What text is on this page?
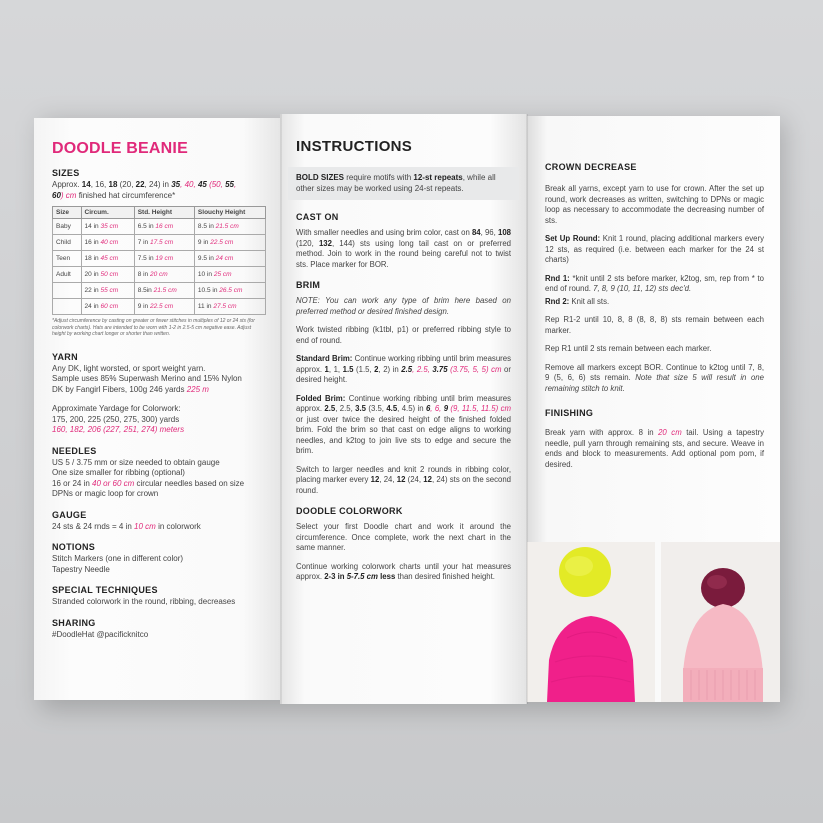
DOODLE BEANIE
SIZES

Approx. 14, 16, 18 (20, 22, 24) in 35, 40, 45 (50, 55,
60) cm finished hat circumference*

Size	Circum.	Std. Height	Slouchy Height
Baby	14 in 35 cm	6.5 in 16 cm	8.5 in 21.5 cm
Child	16 in 40 cm	7 in 17.5 cm	9 in 22.5 cm
Teen	18 in 45 cm	7.5 in 19 cm	9.5 in 24 cm
Adult	20 in 50 cm	8 in 20 cm	10 in 25 cm
	22 in 55 cm	8.5in 21.5 cm	10.5 in 26.5 cm
	24 in 60 cm	9 in 22.5 cm	11 in 27.5 cm

*Adjust circumference by casting on greater or fewer stitches in multiples of 12 or 24 sts (for colorwork charts). Hats are intended to be worn with 1-2 in 2.5-5 cm negative ease. Adjust height by working chart longer or shorter than written.

YARN

Any DK, light worsted, or sport weight yarn.
Sample uses 85% Superwash Merino and 15% Nylon
DK by Fangirl Fibers, 100g 246 yards 225 m

Approximate Yardage for Colorwork:
175, 200, 225 (250, 275, 300) yards
160, 182, 206 (227, 251, 274) meters

NEEDLES

US 5 / 3.75 mm or size needed to obtain gauge
One size smaller for ribbing (optional)
16 or 24 in 40 or 60 cm circular needles based on size
DPNs or magic loop for crown

GAUGE

24 sts & 24 rnds = 4 in 10 cm in colorwork

NOTIONS

Stitch Markers (one in different color)
Tapestry Needle

SPECIAL TECHNIQUES

Stranded colorwork in the round, ribbing, decreases

SHARING

#DoodleHat @pacificknitco

INSTRUCTIONS
BOLD SIZES require motifs with 12-st repeats, while all other sizes may be worked using 24-st repeats.
CAST ON

With smaller needles and using brim color, cast on 84, 96, 108 (120, 132, 144) sts using long tail cast on or preferred method. Join to work in the round being careful not to twist sts. Place marker for BOR.

BRIM

NOTE: You can work any type of brim here based on preferred method or desired finished design.

Work twisted ribbing (k1tbl, p1) or preferred ribbing style to end of round.

Standard Brim: Continue working ribbing until brim measures approx. 1, 1, 1.5 (1.5, 2, 2) in 2.5, 2.5, 3.75 (3.75, 5, 5) cm or desired height.

Folded Brim: Continue working ribbing until brim measures approx. 2.5, 2.5, 3.5 (3.5, 4.5, 4.5) in 6, 6, 9 (9, 11.5, 11.5) cm or just over twice the desired height of the finished folded brim. Fold the brim so that cast on edge aligns to working needles, and k2tog to join live sts to edge and secure the brim.

Switch to larger needles and knit 2 rounds in ribbing color, placing marker every 12, 24, 12 (24, 12, 24) sts on the second round.

DOODLE COLORWORK

Select your first Doodle chart and work it around the circumference. Once complete, work the next chart in the same manner.

Continue working colorwork charts until your hat measures approx. 2-3 in 5-7.5 cm less than desired finished height.

CROWN DECREASE

Break all yarns, except yarn to use for crown. After the set up round, work decreases as written, switching to DPNs or magic loop as necessary to accommodate the decreasing number of sts.

Set Up Round: Knit 1 round, placing additional markers every 12 sts, as required (i.e. between each marker for the 24 st charts)

Rnd 1: *knit until 2 sts before marker, k2tog, sm, rep from * to end of round. 7, 8, 9 (10, 11, 12) sts dec'd.

Rnd 2: Knit all sts.

Rep R1-2 until 10, 8, 8 (8, 8, 8) sts remain between each marker.

Rep R1 until 2 sts remain between each marker.

Remove all markers except BOR. Continue to k2tog until 7, 8, 9 (5, 6, 6) sts remain. Note that size 5 will result in one remaining stitch to knit.

FINISHING

Break yarn with approx. 8 in 20 cm tail. Using a tapestry needle, pull yarn through remaining sts, and secure. Weave in ends and block to measurements. Add optional pom pom, if desired.
